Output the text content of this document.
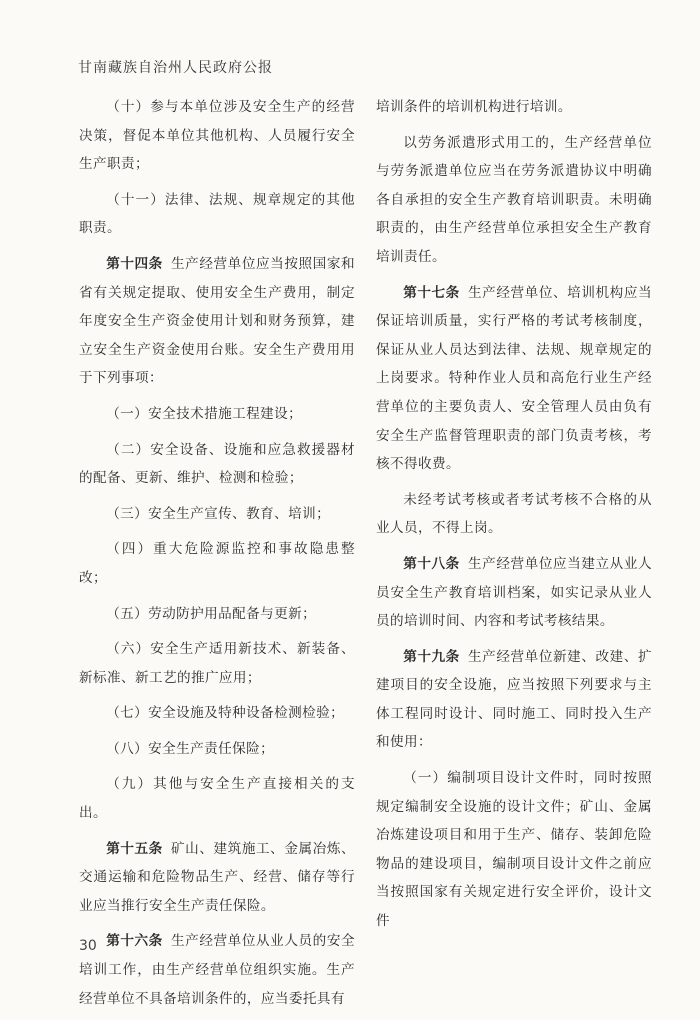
甘南藏族自治州人民政府公报

（十）参与本单位涉及安全生产的经营决策，督促本单位其他机构、人员履行安全生产职责；

（十一）法律、法规、规章规定的其他职责。

第十四条 生产经营单位应当按照国家和省有关规定提取、使用安全生产费用，制定年度安全生产资金使用计划和财务预算，建立安全生产资金使用台账。安全生产费用用于下列事项：

（一）安全技术措施工程建设；

（二）安全设备、设施和应急救援器材的配备、更新、维护、检测和检验；

（三）安全生产宣传、教育、培训；

（四）重大危险源监控和事故隐患整改；

（五）劳动防护用品配备与更新；

（六）安全生产适用新技术、新装备、新标准、新工艺的推广应用；

（七）安全设施及特种设备检测检验；

（八）安全生产责任保险；

（九）其他与安全生产直接相关的支出。

第十五条 矿山、建筑施工、金属冶炼、交通运输和危险物品生产、经营、储存等行业应当推行安全生产责任保险。

第十六条 生产经营单位从业人员的安全培训工作，由生产经营单位组织实施。生产经营单位不具备培训条件的，应当委托具有

培训条件的培训机构进行培训。

以劳务派遣形式用工的，生产经营单位与劳务派遣单位应当在劳务派遣协议中明确各自承担的安全生产教育培训职责。未明确职责的，由生产经营单位承担安全生产教育培训责任。

第十七条 生产经营单位、培训机构应当保证培训质量，实行严格的考试考核制度，保证从业人员达到法律、法规、规章规定的上岗要求。特种作业人员和高危行业生产经营单位的主要负责人、安全管理人员由负有安全生产监督管理职责的部门负责考核，考核不得收费。

未经考试考核或者考试考核不合格的从业人员，不得上岗。

第十八条 生产经营单位应当建立从业人员安全生产教育培训档案，如实记录从业人员的培训时间、内容和考试考核结果。

第十九条 生产经营单位新建、改建、扩建项目的安全设施，应当按照下列要求与主体工程同时设计、同时施工、同时投入生产和使用：

（一）编制项目设计文件时，同时按照规定编制安全设施的设计文件；矿山、金属冶炼建设项目和用于生产、储存、装卸危险物品的建设项目，编制项目设计文件之前应当按照国家有关规定进行安全评价，设计文件

30
